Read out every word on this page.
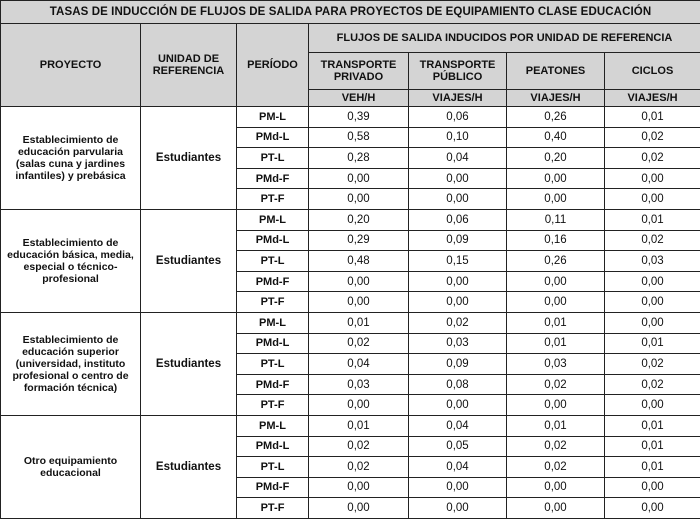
TASAS DE INDUCCIÓN DE FLUJOS DE SALIDA PARA PROYECTOS DE EQUIPAMIENTO CLASE EDUCACIÓN						
PROYECTO	UNIDAD DE REFERENCIA	PERÍODO	FLUJOS DE SALIDA INDUCIDOS POR UNIDAD DE REFERENCIA			
			TRANSPORTE PRIVADO	TRANSPORTE PÚBLICO	PEATONES	CICLOS
			VEH/H	VIAJES/H	VIAJES/H	VIAJES/H
Establecimiento de educación parvularia (salas cuna y jardines infantiles) y prebásica	Estudiantes	PM-L	0,39	0,06	0,26	0,01
		PMd-L	0,58	0,10	0,40	0,02
		PT-L	0,28	0,04	0,20	0,02
		PMd-F	0,00	0,00	0,00	0,00
		PT-F	0,00	0,00	0,00	0,00
Establecimiento de educación básica, media, especial o técnico-profesional	Estudiantes	PM-L	0,20	0,06	0,11	0,01
		PMd-L	0,29	0,09	0,16	0,02
		PT-L	0,48	0,15	0,26	0,03
		PMd-F	0,00	0,00	0,00	0,00
		PT-F	0,00	0,00	0,00	0,00
Establecimiento de educación superior (universidad, instituto profesional o centro de formación técnica)	Estudiantes	PM-L	0,01	0,02	0,01	0,00
		PMd-L	0,02	0,03	0,01	0,01
		PT-L	0,04	0,09	0,03	0,02
		PMd-F	0,03	0,08	0,02	0,02
		PT-F	0,00	0,00	0,00	0,00
Otro equipamiento educacional	Estudiantes	PM-L	0,01	0,04	0,01	0,01
		PMd-L	0,02	0,05	0,02	0,01
		PT-L	0,02	0,04	0,02	0,01
		PMd-F	0,00	0,00	0,00	0,00
		PT-F	0,00	0,00	0,00	0,00
